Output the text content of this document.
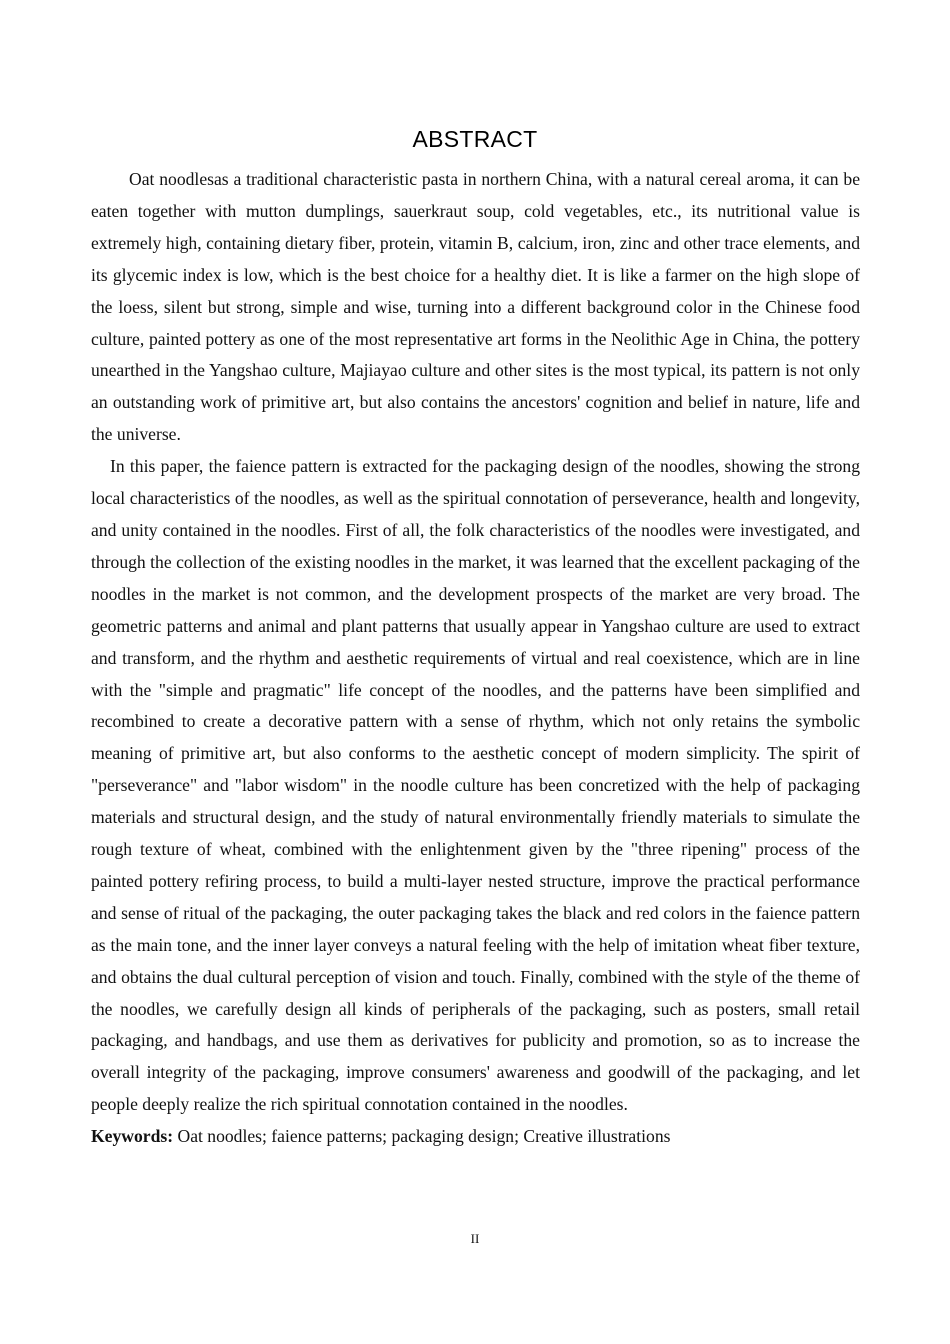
ABSTRACT

Oat noodlesas a traditional characteristic pasta in northern China, with a natural cereal aroma, it can be eaten together with mutton dumplings, sauerkraut soup, cold vegetables, etc., its nutritional value is extremely high, containing dietary fiber, protein, vitamin B, calcium, iron, zinc and other trace elements, and its glycemic index is low, which is the best choice for a healthy diet. It is like a farmer on the high slope of the loess, silent but strong, simple and wise, turning into a different background color in the Chinese food culture, painted pottery as one of the most representative art forms in the Neolithic Age in China, the pottery unearthed in the Yangshao culture, Majiayao culture and other sites is the most typical, its pattern is not only an outstanding work of primitive art, but also contains the ancestors' cognition and belief in nature, life and the universe.

In this paper, the faience pattern is extracted for the packaging design of the noodles, showing the strong local characteristics of the noodles, as well as the spiritual connotation of perseverance, health and longevity, and unity contained in the noodles. First of all, the folk characteristics of the noodles were investigated, and through the collection of the existing noodles in the market, it was learned that the excellent packaging of the noodles in the market is not common, and the development prospects of the market are very broad. The geometric patterns and animal and plant patterns that usually appear in Yangshao culture are used to extract and transform, and the rhythm and aesthetic requirements of virtual and real coexistence, which are in line with the "simple and pragmatic" life concept of the noodles, and the patterns have been simplified and recombined to create a decorative pattern with a sense of rhythm, which not only retains the symbolic meaning of primitive art, but also conforms to the aesthetic concept of modern simplicity. The spirit of "perseverance" and "labor wisdom" in the noodle culture has been concretized with the help of packaging materials and structural design, and the study of natural environmentally friendly materials to simulate the rough texture of wheat, combined with the enlightenment given by the "three ripening" process of the painted pottery refiring process, to build a multi-layer nested structure, improve the practical performance and sense of ritual of the packaging, the outer packaging takes the black and red colors in the faience pattern as the main tone, and the inner layer conveys a natural feeling with the help of imitation wheat fiber texture, and obtains the dual cultural perception of vision and touch. Finally, combined with the style of the theme of the noodles, we carefully design all kinds of peripherals of the packaging, such as posters, small retail packaging, and handbags, and use them as derivatives for publicity and promotion, so as to increase the overall integrity of the packaging, improve consumers' awareness and goodwill of the packaging, and let people deeply realize the rich spiritual connotation contained in the noodles.

Keywords: Oat noodles; faience patterns; packaging design; Creative illustrations

II
